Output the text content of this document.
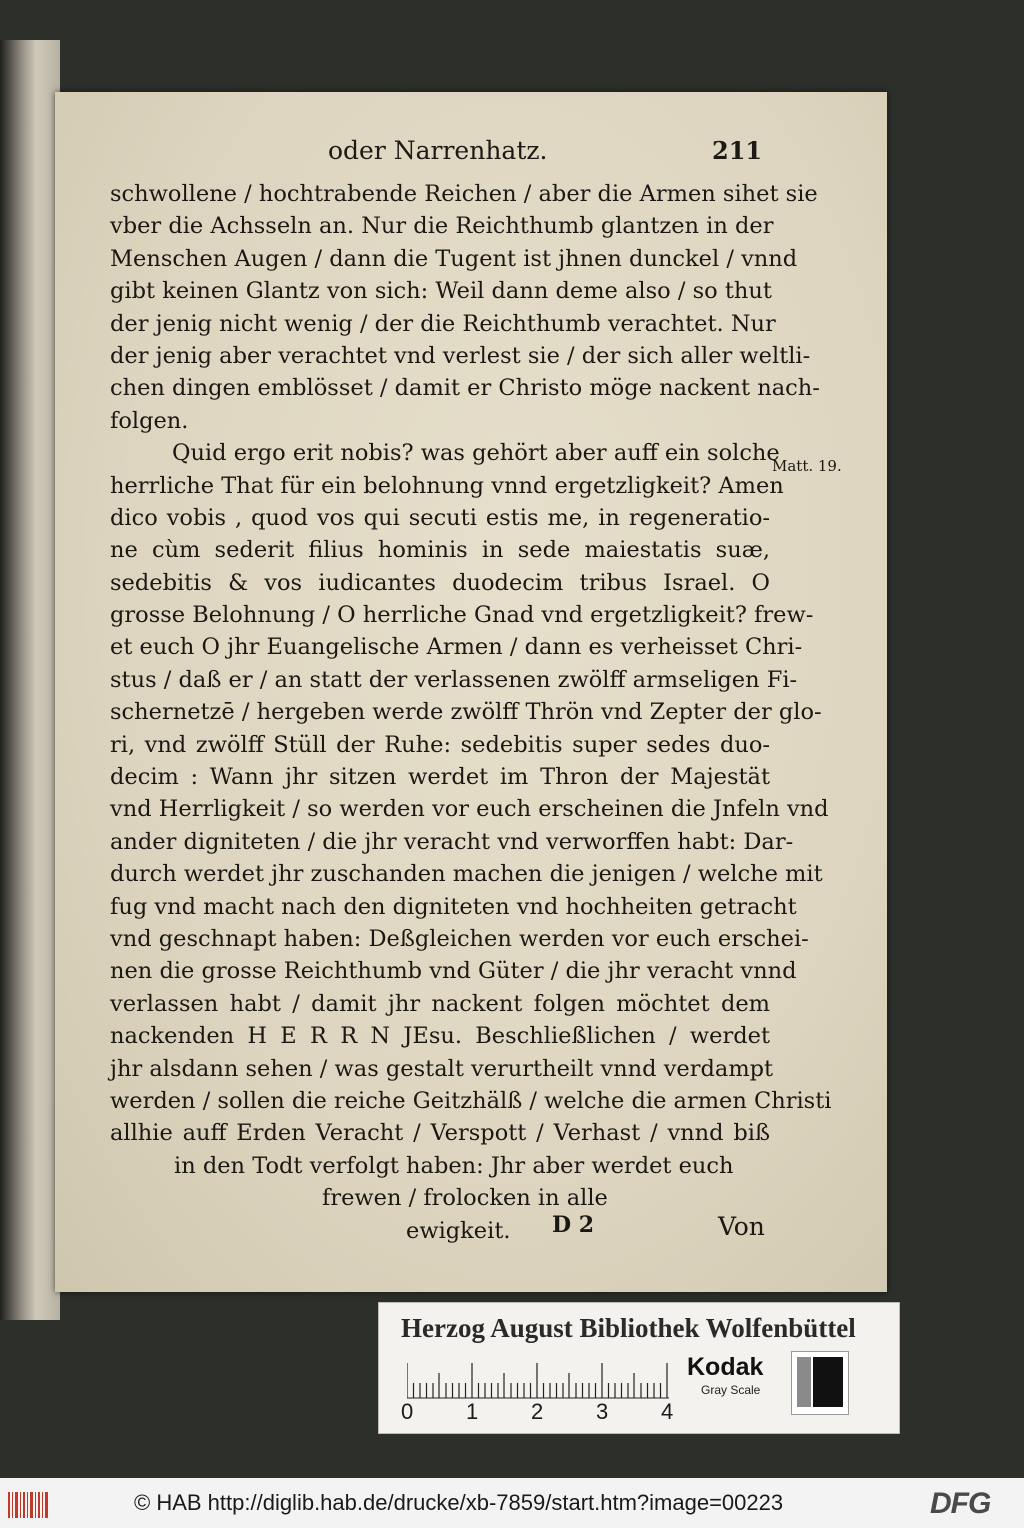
oder Narrenhatz.	211
schwollene / hochtrabende Reichen / aber die Armen sihet sie
vber die Achsseln an. Nur die Reichthumb glantzen in der
Menschen Augen / dann die Tugent ist jhnen dunckel / vnnd
gibt keinen Glantz von sich: Weil dann deme also / so thut
der jenig nicht wenig / der die Reichthumb verachtet. Nur
der jenig aber verachtet vnd verlest sie / der sich aller weltli-
chen dingen emblösset / damit er Christo möge nackent nach-
folgen.
Quid ergo erit nobis? was gehört aber auff ein solche
herrliche That für ein belohnung vnnd ergetzligkeit? Amen
dico vobis , quod vos qui secuti estis me, in regeneratio-
ne cùm sederit filius hominis in sede maiestatis suæ,
sedebitis & vos iudicantes duodecim tribus Israel. O
grosse Belohnung / O herrliche Gnad vnd ergetzligkeit? frew-
et euch O jhr Euangelische Armen / dann es verheisset Chri-
stus / daß er / an statt der verlassenen zwölff armseligen Fi-
schernetzē / hergeben werde zwölff Thrön vnd Zepter der glo-
ri, vnd zwölff Stüll der Ruhe: sedebitis super sedes duo-
decim : Wann jhr sitzen werdet im Thron der Majestät
vnd Herrligkeit / so werden vor euch erscheinen die Jnfeln vnd
ander digniteten / die jhr veracht vnd verworffen habt: Dar-
durch werdet jhr zuschanden machen die jenigen / welche mit
fug vnd macht nach den digniteten vnd hochheiten getracht
vnd geschnapt haben: Deßgleichen werden vor euch erschei-
nen die grosse Reichthumb vnd Güter / die jhr veracht vnnd
verlassen habt / damit jhr nackent folgen möchtet dem
nackenden H E R R N JEsu. Beschließlichen / werdet
jhr alsdann sehen / was gestalt verurtheilt vnnd verdampt
werden / sollen die reiche Geitzhälß / welche die armen Christi
allhie auff Erden Veracht / Verspott / Verhast / vnnd biß
in den Todt verfolgt haben: Jhr aber werdet euch
frewen / frolocken in alle
ewigkeit.
Matt. 19.
D 2	Von
Herzog August Bibliothek Wolfenbüttel
0 1 2 3 4
Kodak
Gray Scale
© HAB http://diglib.hab.de/drucke/xb-7859/start.htm?image=00223	DFG
